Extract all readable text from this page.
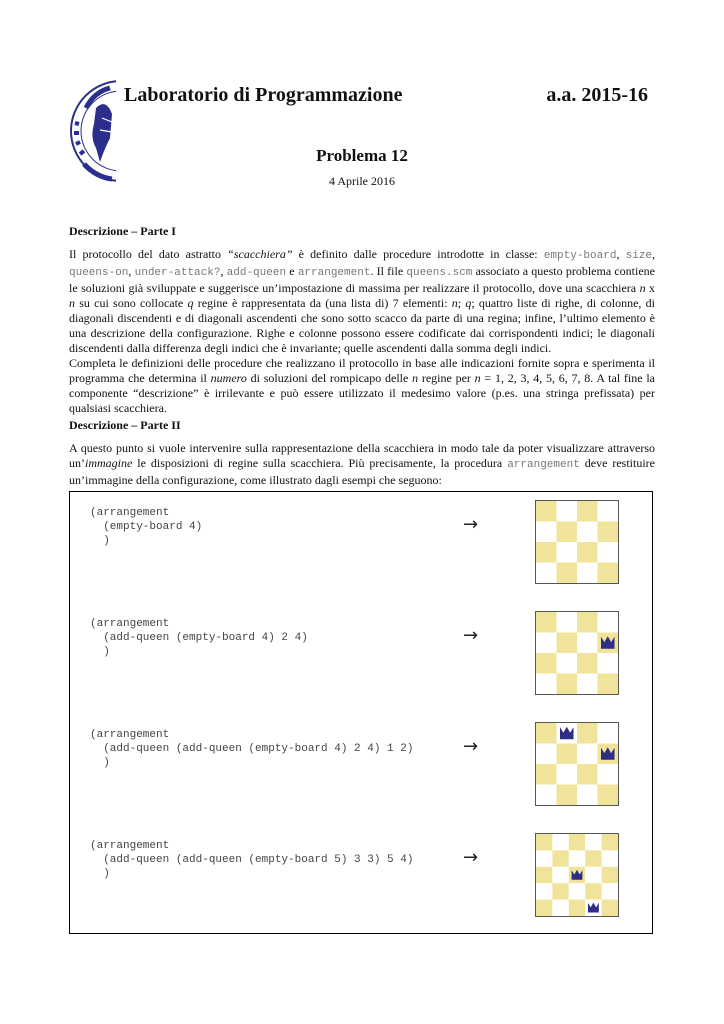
Laboratorio di Programmazione	a.a. 2015-16
Problema 12
4 Aprile 2016
Descrizione – Parte I

Il protocollo del dato astratto “scacchiera” è definito dalle procedure introdotte in classe: empty-board, size, queens-on, under-attack?, add-queen e arrangement. Il file queens.scm associato a questo problema contiene le soluzioni già sviluppate e suggerisce un’impostazione di massima per realizzare il protocollo, dove una scacchiera n x n su cui sono collocate q regine è rappresentata da (una lista di) 7 elementi: n; q; quattro liste di righe, di colonne, di diagonali discendenti e di diagonali ascendenti che sono sotto scacco da parte di una regina; infine, l’ultimo elemento è una descrizione della configurazione. Righe e colonne possono essere codificate dai corrispondenti indici; le diagonali discendenti dalla differenza degli indici che è invariante; quelle ascendenti dalla somma degli indici.

Completa le definizioni delle procedure che realizzano il protocollo in base alle indicazioni fornite sopra e sperimenta il programma che determina il numero di soluzioni del rompicapo delle n regine per n = 1, 2, 3, 4, 5, 6, 7, 8. A tal fine la componente “descrizione” è irrilevante e può essere utilizzato il medesimo valore (p.es. una stringa prefissata) per qualsiasi scacchiera.

Descrizione – Parte II

A questo punto si vuole intervenire sulla rappresentazione della scacchiera in modo tale da poter visualizzare attraverso un’immagine le disposizioni di regine sulla scacchiera. Più precisamente, la procedura arrangement deve restituire un’immagine della configurazione, come illustrato dagli esempi che seguono:

(arrangement
(empty-board 4)
)
→
(arrangement
(add-queen (empty-board 4) 2 4)
)
→
(arrangement
(add-queen (add-queen (empty-board 4) 2 4) 1 2)
)
→
(arrangement
(add-queen (add-queen (empty-board 5) 3 3) 5 4)
)
→
